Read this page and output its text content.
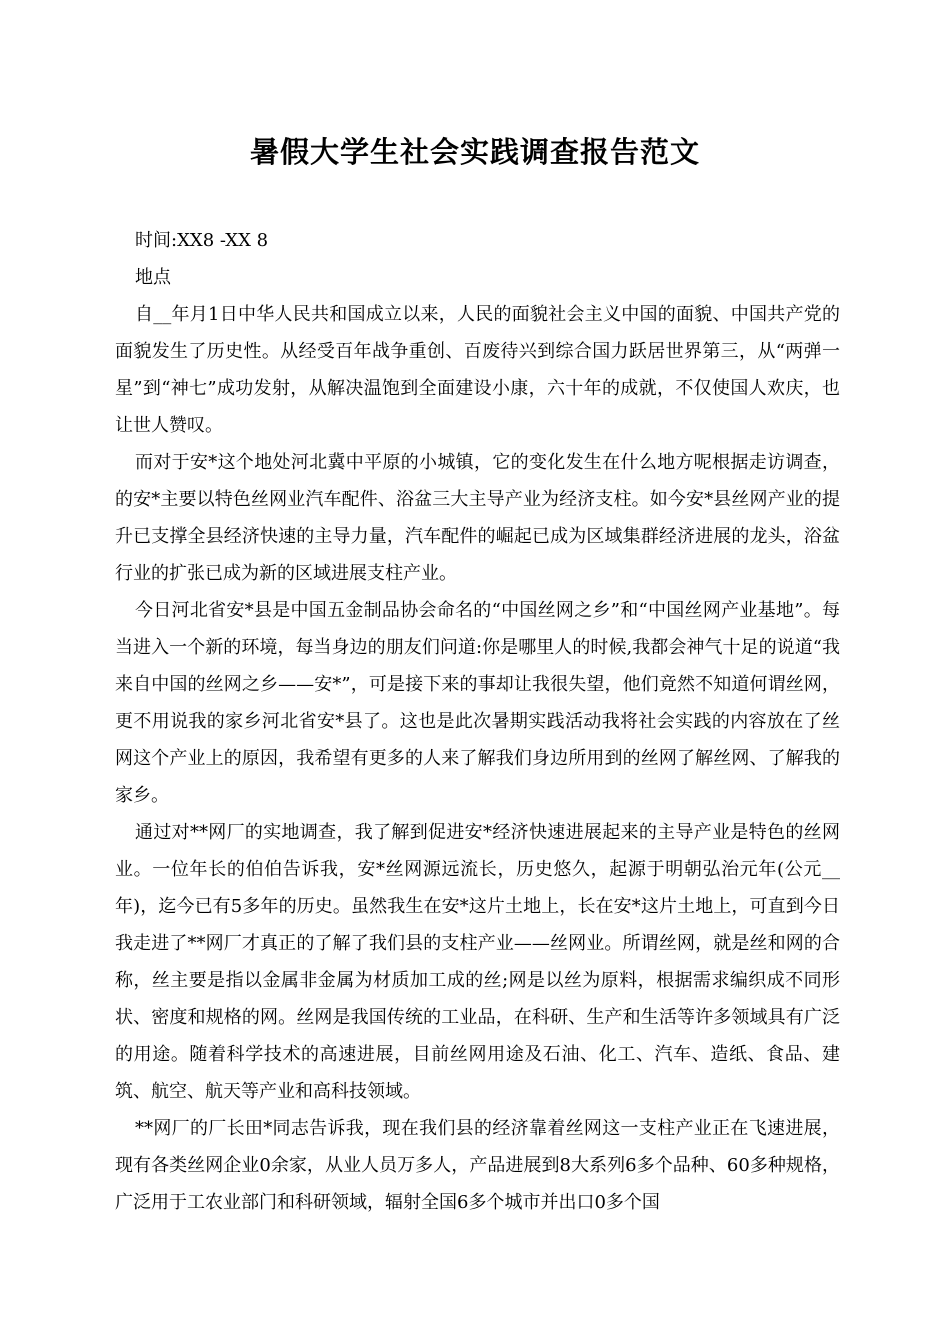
暑假大学生社会实践调查报告范文

时间:XX8 -XX 8

地点

自__年月1日中华人民共和国成立以来，人民的面貌社会主义中国的面貌、中国共产党的面貌发生了历史性。从经受百年战争重创、百废待兴到综合国力跃居世界第三，从“两弹一星”到“神七”成功发射，从解决温饱到全面建设小康，六十年的成就，不仅使国人欢庆，也让世人赞叹。

而对于安*这个地处河北冀中平原的小城镇，它的变化发生在什么地方呢根据走访调查，的安*主要以特色丝网业汽车配件、浴盆三大主导产业为经济支柱。如今安*县丝网产业的提升已支撑全县经济快速的主导力量，汽车配件的崛起已成为区域集群经济进展的龙头，浴盆行业的扩张已成为新的区域进展支柱产业。

今日河北省安*县是中国五金制品协会命名的“中国丝网之乡”和“中国丝网产业基地”。每当进入一个新的环境，每当身边的朋友们问道:你是哪里人的时候,我都会神气十足的说道“我来自中国的丝网之乡——安*”，可是接下来的事却让我很失望，他们竟然不知道何谓丝网，更不用说我的家乡河北省安*县了。这也是此次暑期实践活动我将社会实践的内容放在了丝网这个产业上的原因，我希望有更多的人来了解我们身边所用到的丝网了解丝网、了解我的家乡。

通过对**网厂的实地调查，我了解到促进安*经济快速进展起来的主导产业是特色的丝网业。一位年长的伯伯告诉我，安*丝网源远流长，历史悠久，起源于明朝弘治元年(公元__年)，迄今已有5多年的历史。虽然我生在安*这片土地上，长在安*这片土地上，可直到今日我走进了**网厂才真正的了解了我们县的支柱产业——丝网业。所谓丝网，就是丝和网的合称，丝主要是指以金属非金属为材质加工成的丝;网是以丝为原料，根据需求编织成不同形状、密度和规格的网。丝网是我国传统的工业品，在科研、生产和生活等许多领域具有广泛的用途。随着科学技术的高速进展，目前丝网用途及石油、化工、汽车、造纸、食品、建筑、航空、航天等产业和高科技领域。

**网厂的厂长田*同志告诉我，现在我们县的经济靠着丝网这一支柱产业正在飞速进展，现有各类丝网企业0余家，从业人员万多人，产品进展到8大系列6多个品种、60多种规格，广泛用于工农业部门和科研领域，辐射全国6多个城市并出口0多个国
